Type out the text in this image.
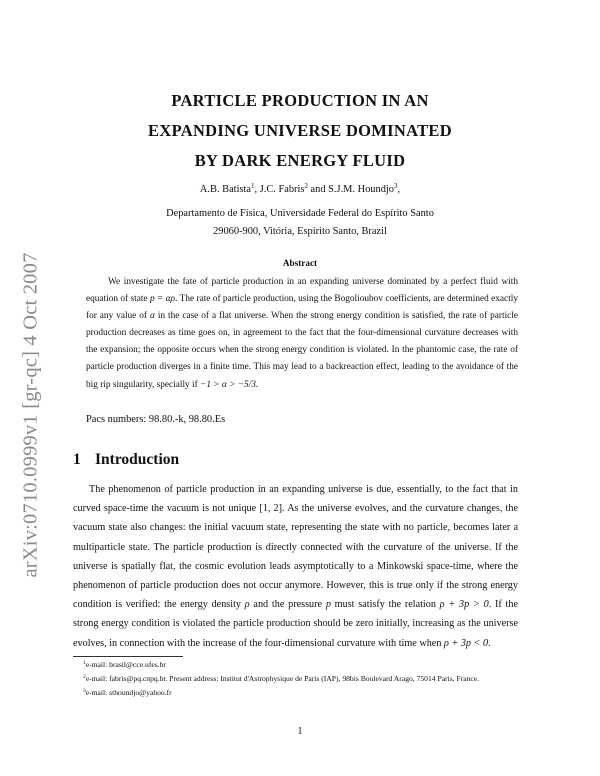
arXiv:0710.0999v1 [gr-qc] 4 Oct 2007
PARTICLE PRODUCTION IN AN
EXPANDING UNIVERSE DOMINATED
BY DARK ENERGY FLUID
A.B. Batista$^1$, J.C. Fabris$^2$ and S.J.M. Houndjo$^3$,
Departamento de Física, Universidade Federal do Espírito Santo
29060-900, Vitória, Espírito Santo, Brazil
Abstract

We investigate the fate of particle production in an expanding universe dominated by a perfect fluid with equation of state p = αρ. The rate of particle production, using the Bogolioubov coefficients, are determined exactly for any value of α in the case of a flat universe. When the strong energy condition is satisfied, the rate of particle production decreases as time goes on, in agreement to the fact that the four-dimensional curvature decreases with the expansion; the opposite occurs when the strong energy condition is violated. In the phantomic case, the rate of particle production diverges in a finite time. This may lead to a backreaction effect, leading to the avoidance of the big rip singularity, specially if −1 > α > −5/3.

Pacs numbers: 98.80.-k, 98.80.Es
1 Introduction

The phenomenon of particle production in an expanding universe is due, essentially, to the fact that in curved space-time the vacuum is not unique [1, 2]. As the universe evolves, and the curvature changes, the vacuum state also changes: the initial vacuum state, representing the state with no particle, becomes later a multiparticle state. The particle production is directly connected with the curvature of the universe. If the universe is spatially flat, the cosmic evolution leads asymptotically to a Minkowski space-time, where the phenomenon of particle production does not occur anymore. However, this is true only if the strong energy condition is verified: the energy density ρ and the pressure p must satisfy the relation ρ + 3p > 0. If the strong energy condition is violated the particle production should be zero initially, increasing as the universe evolves, in connection with the increase of the four-dimensional curvature with time when ρ + 3p < 0.

$^1$e-mail: brasil@cce.ufes.br

$^2$e-mail: fabris@pq.cnpq.br. Present address: Institut d'Astrophysique de Paris (IAP), 98bis Boulevard Arago, 75014 Paris, France.

$^3$e-mail: sthoundjo@yahoo.fr

1
